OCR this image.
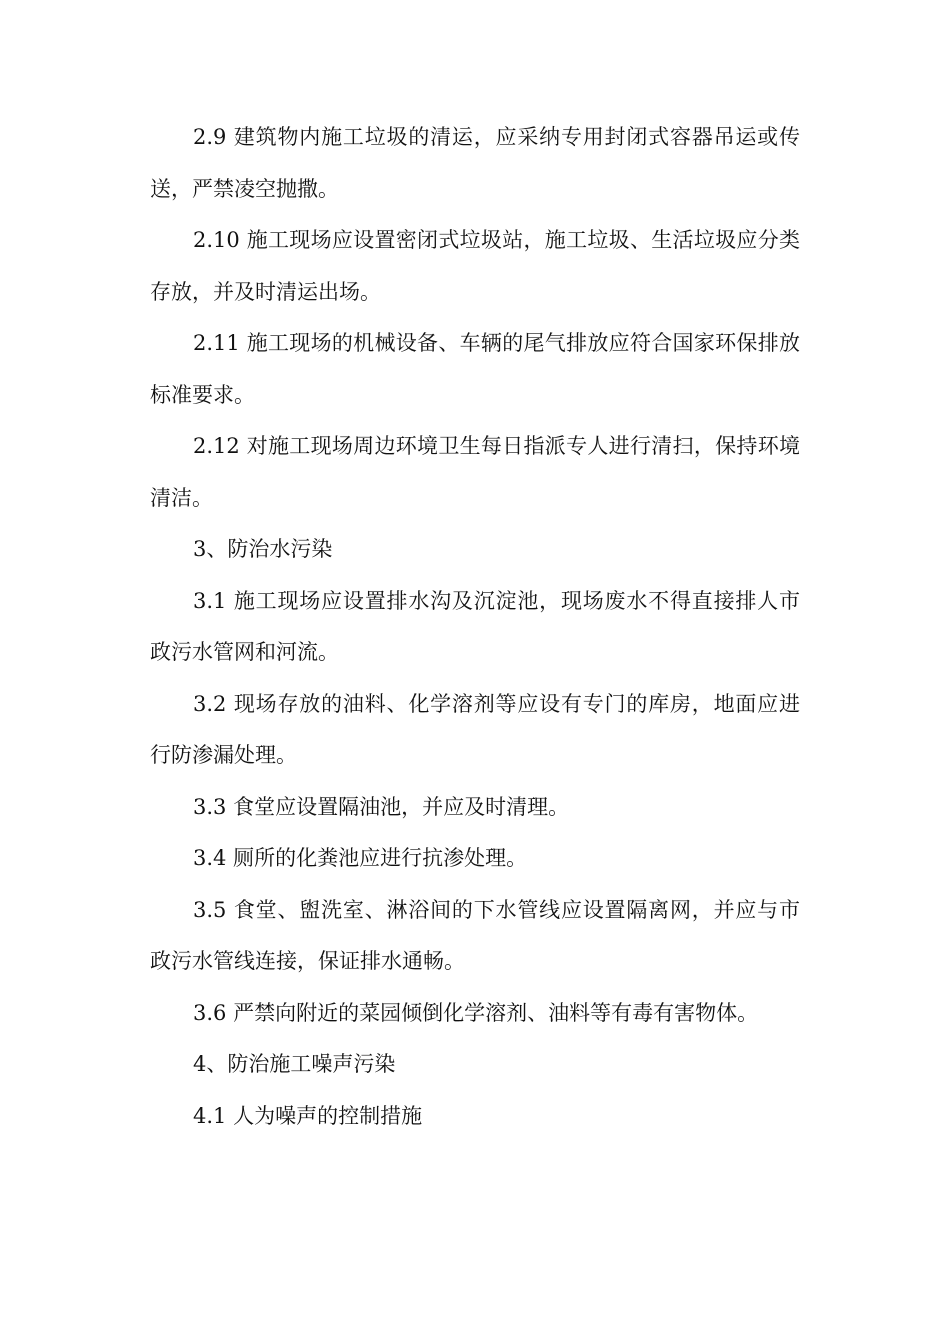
2.9 建筑物内施工垃圾的清运，应采纳专用封闭式容器吊运或传送，严禁凌空抛撒。

2.10 施工现场应设置密闭式垃圾站，施工垃圾、生活垃圾应分类存放，并及时清运出场。

2.11 施工现场的机械设备、车辆的尾气排放应符合国家环保排放标准要求。

2.12 对施工现场周边环境卫生每日指派专人进行清扫，保持环境清洁。

3、防治水污染

3.1 施工现场应设置排水沟及沉淀池，现场废水不得直接排人市政污水管网和河流。

3.2 现场存放的油料、化学溶剂等应设有专门的库房，地面应进行防渗漏处理。

3.3 食堂应设置隔油池，并应及时清理。

3.4 厕所的化粪池应进行抗渗处理。

3.5 食堂、盥洗室、淋浴间的下水管线应设置隔离网，并应与市政污水管线连接，保证排水通畅。

3.6 严禁向附近的菜园倾倒化学溶剂、油料等有毒有害物体。

4、防治施工噪声污染

4.1 人为噪声的控制措施
